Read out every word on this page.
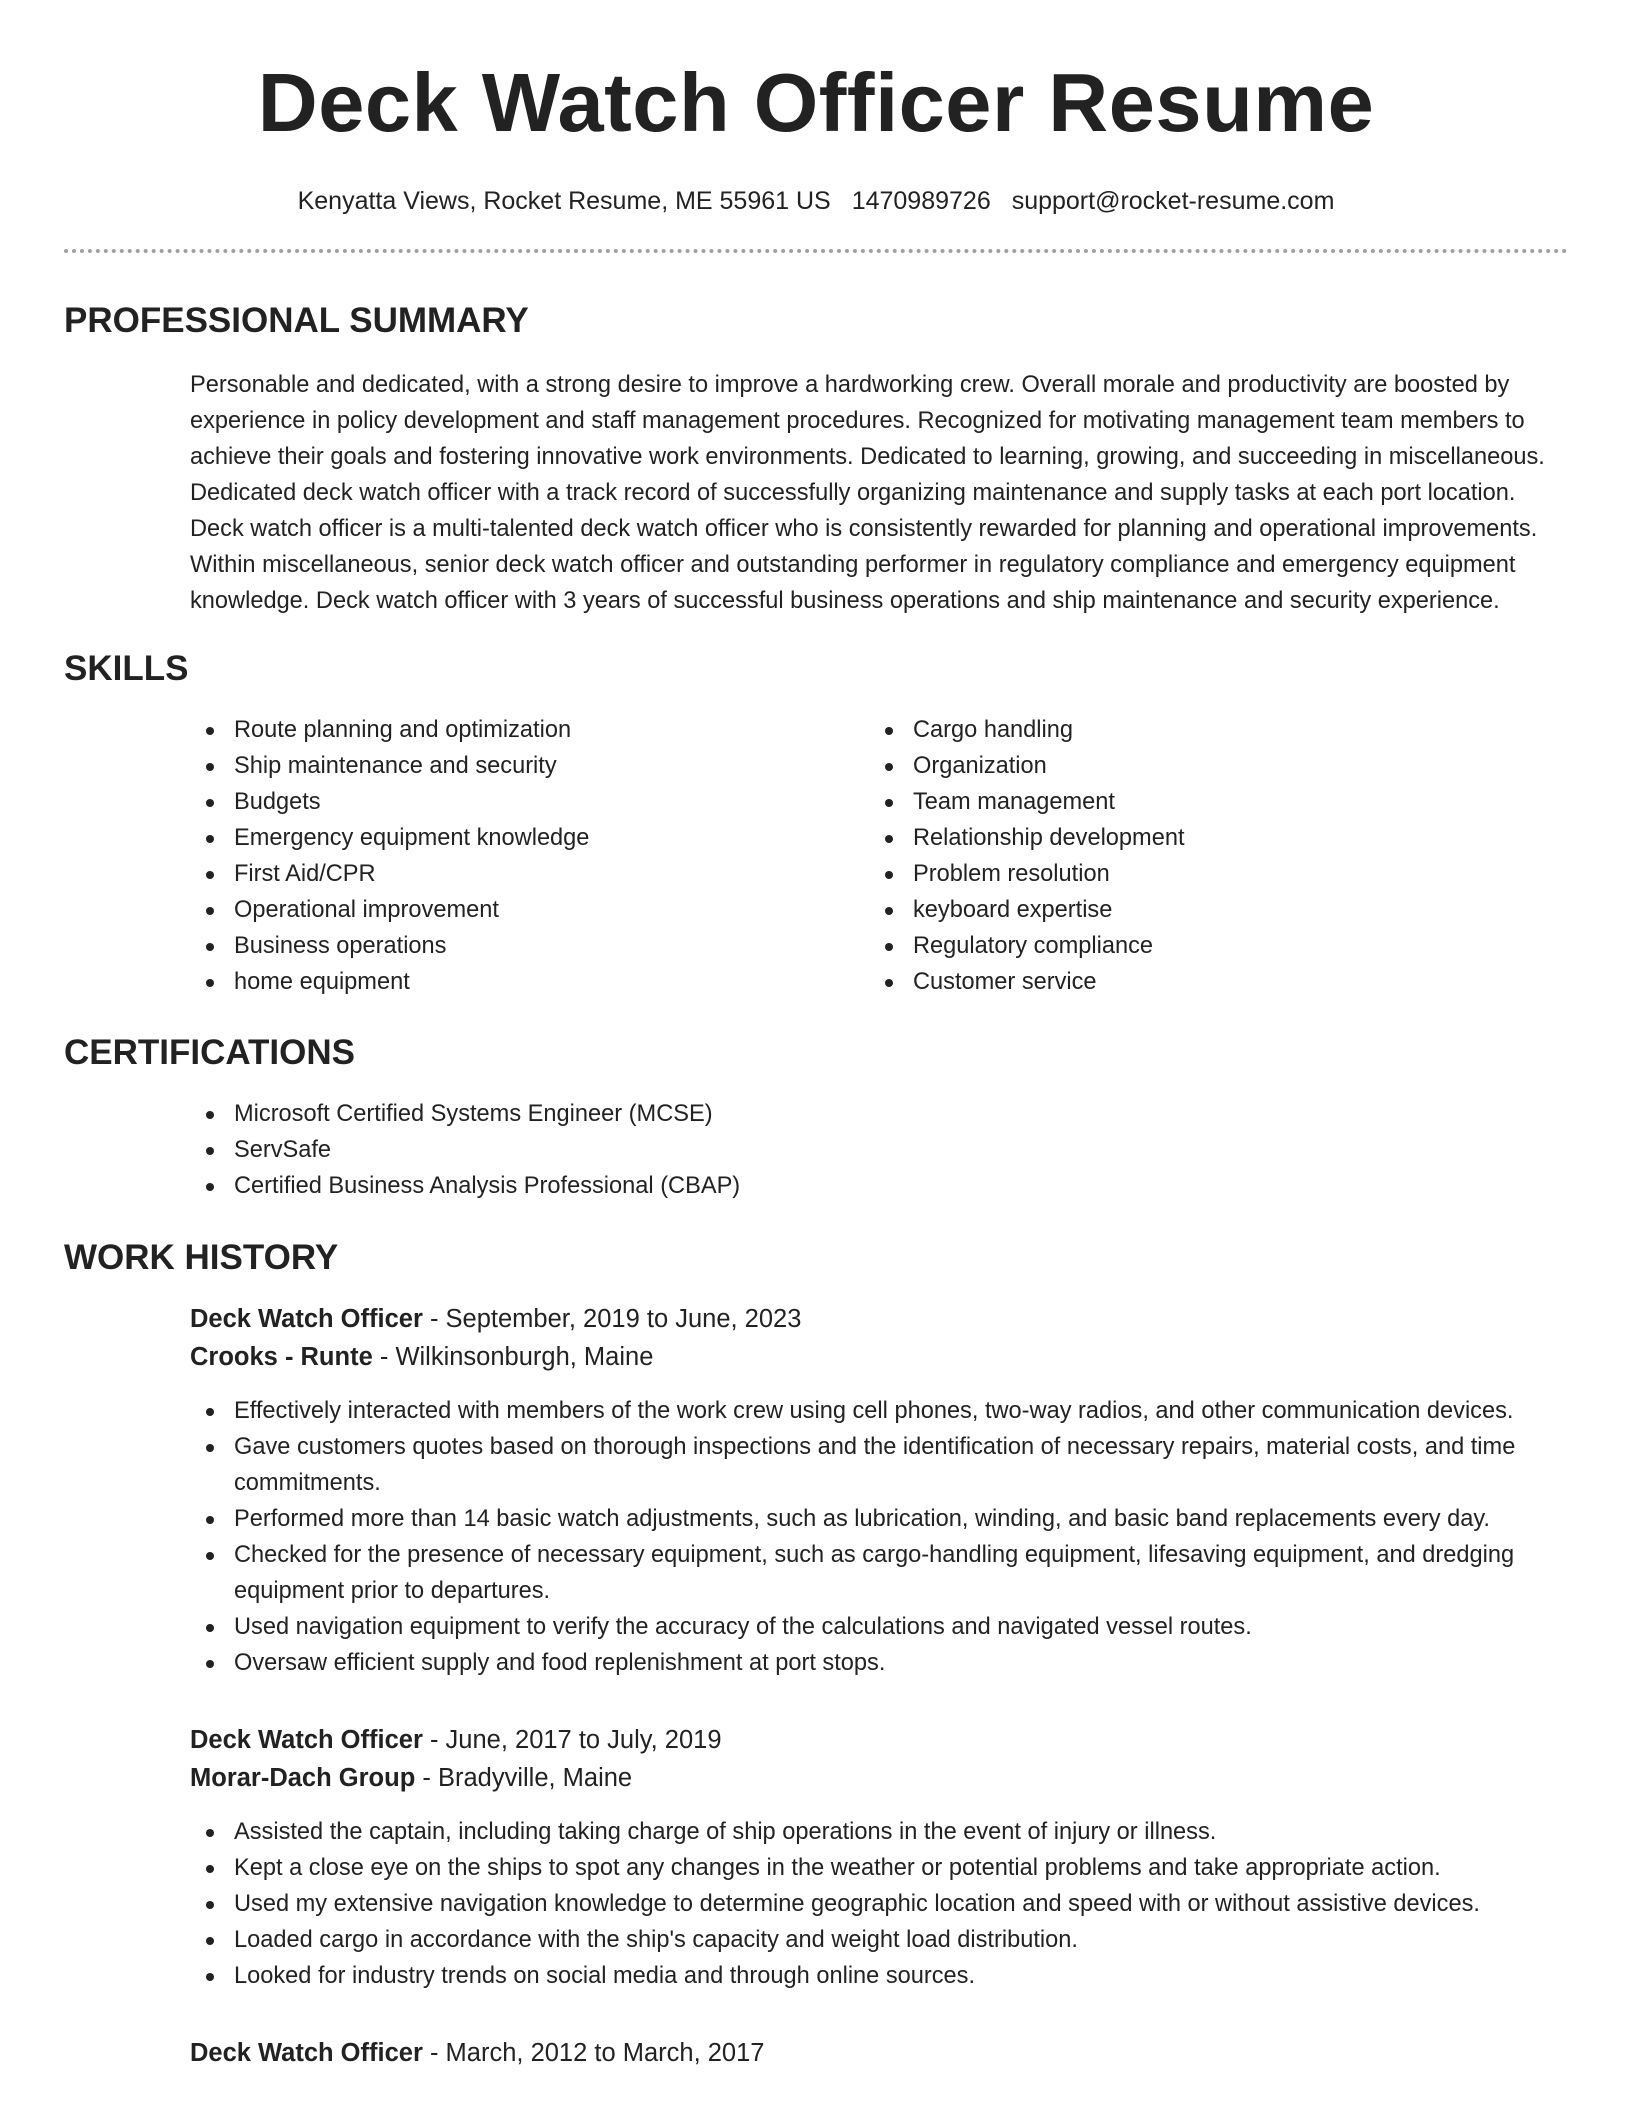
Deck Watch Officer Resume
Kenyatta Views, Rocket Resume, ME 55961 US 1470989726 support@rocket-resume.com
PROFESSIONAL SUMMARY

Personable and dedicated, with a strong desire to improve a hardworking crew. Overall morale and productivity are boosted by experience in policy development and staff management procedures. Recognized for motivating management team members to achieve their goals and fostering innovative work environments. Dedicated to learning, growing, and succeeding in miscellaneous. Dedicated deck watch officer with a track record of successfully organizing maintenance and supply tasks at each port location. Deck watch officer is a multi-talented deck watch officer who is consistently rewarded for planning and operational improvements. Within miscellaneous, senior deck watch officer and outstanding performer in regulatory compliance and emergency equipment knowledge. Deck watch officer with 3 years of successful business operations and ship maintenance and security experience.

SKILLS
Route planning and optimization
Ship maintenance and security
Budgets
Emergency equipment knowledge
First Aid/CPR
Operational improvement
Business operations
home equipment
Cargo handling
Organization
Team management
Relationship development
Problem resolution
keyboard expertise
Regulatory compliance
Customer service
CERTIFICATIONS
Microsoft Certified Systems Engineer (MCSE)
ServSafe
Certified Business Analysis Professional (CBAP)
WORK HISTORY
Deck Watch Officer - September, 2019 to June, 2023
Crooks - Runte - Wilkinsonburgh, Maine
Effectively interacted with members of the work crew using cell phones, two-way radios, and other communication devices.
Gave customers quotes based on thorough inspections and the identification of necessary repairs, material costs, and time commitments.
Performed more than 14 basic watch adjustments, such as lubrication, winding, and basic band replacements every day.
Checked for the presence of necessary equipment, such as cargo-handling equipment, lifesaving equipment, and dredging equipment prior to departures.
Used navigation equipment to verify the accuracy of the calculations and navigated vessel routes.
Oversaw efficient supply and food replenishment at port stops.
Deck Watch Officer - June, 2017 to July, 2019
Morar-Dach Group - Bradyville, Maine
Assisted the captain, including taking charge of ship operations in the event of injury or illness.
Kept a close eye on the ships to spot any changes in the weather or potential problems and take appropriate action.
Used my extensive navigation knowledge to determine geographic location and speed with or without assistive devices.
Loaded cargo in accordance with the ship's capacity and weight load distribution.
Looked for industry trends on social media and through online sources.
Deck Watch Officer - March, 2012 to March, 2017
